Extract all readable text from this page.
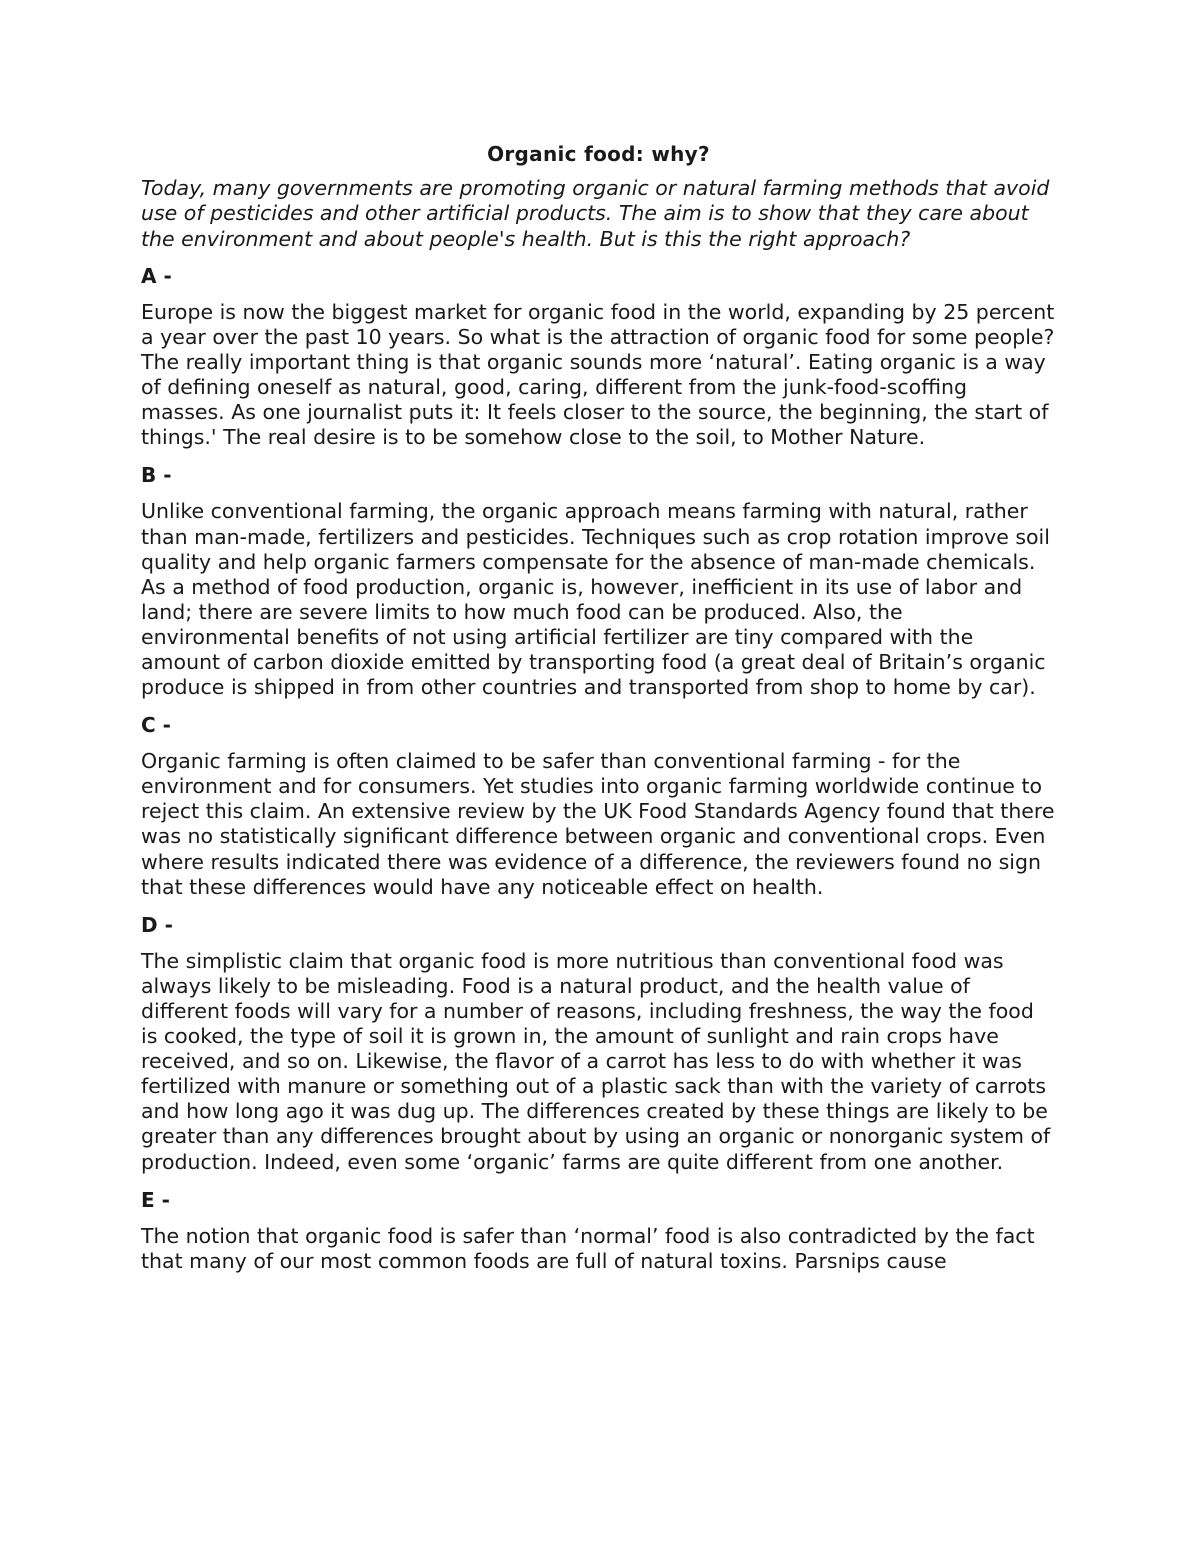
Organic food: why?
Today, many governments are promoting organic or natural farming methods that avoid use of pesticides and other artificial products. The aim is to show that they care about the environment and about people's health. But is this the right approach?
A -
Europe is now the biggest market for organic food in the world, expanding by 25 percent a year over the past 10 years. So what is the attraction of organic food for some people? The really important thing is that organic sounds more ‘natural’. Eating organic is a way of defining oneself as natural, good, caring, different from the junk-food-scoffing masses. As one journalist puts it: It feels closer to the source, the beginning, the start of things.' The real desire is to be somehow close to the soil, to Mother Nature.
B -
Unlike conventional farming, the organic approach means farming with natural, rather than man-made, fertilizers and pesticides. Techniques such as crop rotation improve soil quality and help organic farmers compensate for the absence of man-made chemicals. As a method of food production, organic is, however, inefficient in its use of labor and land; there are severe limits to how much food can be produced. Also, the environmental benefits of not using artificial fertilizer are tiny compared with the amount of carbon dioxide emitted by transporting food (a great deal of Britain’s organic produce is shipped in from other countries and transported from shop to home by car).
C -
Organic farming is often claimed to be safer than conventional farming - for the environment and for consumers. Yet studies into organic farming worldwide continue to reject this claim. An extensive review by the UK Food Standards Agency found that there was no statistically significant difference between organic and conventional crops. Even where results indicated there was evidence of a difference, the reviewers found no sign that these differences would have any noticeable effect on health.
D -
The simplistic claim that organic food is more nutritious than conventional food was always likely to be misleading. Food is a natural product, and the health value of different foods will vary for a number of reasons, including freshness, the way the food is cooked, the type of soil it is grown in, the amount of sunlight and rain crops have received, and so on. Likewise, the flavor of a carrot has less to do with whether it was fertilized with manure or something out of a plastic sack than with the variety of carrots and how long ago it was dug up. The differences created by these things are likely to be greater than any differences brought about by using an organic or nonorganic system of production. Indeed, even some ‘organic’ farms are quite different from one another.
E -
The notion that organic food is safer than ‘normal’ food is also contradicted by the fact that many of our most common foods are full of natural toxins. Parsnips cause
